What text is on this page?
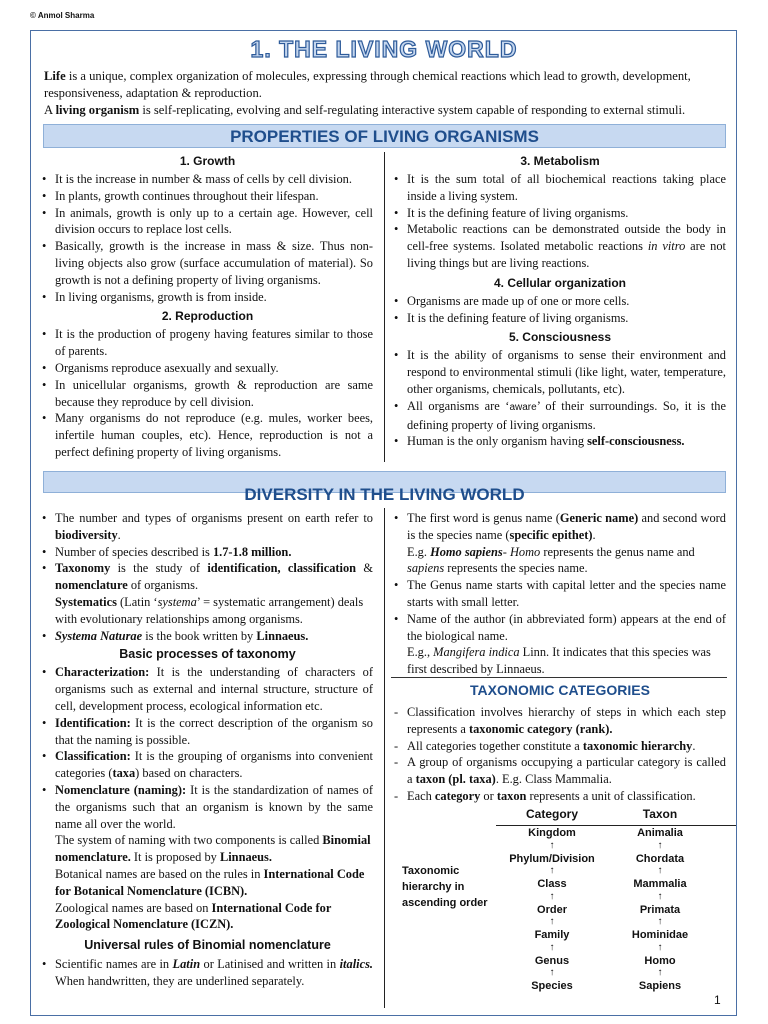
© Anmol Sharma
1. THE LIVING WORLD

Life is a unique, complex organization of molecules, expressing through chemical reactions which lead to growth, development, responsiveness, adaptation & reproduction.

A living organism is self-replicating, evolving and self-regulating interactive system capable of responding to external stimuli.

PROPERTIES OF LIVING ORGANISMS
1. Growth
• It is the increase in number & mass of cells by cell division.
• In plants, growth continues throughout their lifespan.
• In animals, growth is only up to a certain age. However, cell division occurs to replace lost cells.
• Basically, growth is the increase in mass & size. Thus non-living objects also grow (surface accumulation of material). So growth is not a defining property of living organisms.
• In living organisms, growth is from inside.
2. Reproduction
• It is the production of progeny having features similar to those of parents.
• Organisms reproduce asexually and sexually.
• In unicellular organisms, growth & reproduction are same because they reproduce by cell division.
• Many organisms do not reproduce (e.g. mules, worker bees, infertile human couples, etc). Hence, reproduction is not a perfect defining property of living organisms.
3. Metabolism
• It is the sum total of all biochemical reactions taking place inside a living system.
• It is the defining feature of living organisms.
• Metabolic reactions can be demonstrated outside the body in cell-free systems. Isolated metabolic reactions in vitro are not living things but are living reactions.
4. Cellular organization
• Organisms are made up of one or more cells.
• It is the defining feature of living organisms.
5. Consciousness
• It is the ability of organisms to sense their environment and respond to environmental stimuli (like light, water, temperature, other organisms, chemicals, pollutants, etc).
• All organisms are ‘aware’ of their surroundings. So, it is the defining property of living organisms.
• Human is the only organism having self-consciousness.
DIVERSITY IN THE LIVING WORLD
• The number and types of organisms present on earth refer to biodiversity.
• Number of species described is 1.7-1.8 million.
• Taxonomy is the study of identification, classification & nomenclature of organisms.
Systematics (Latin ‘systema’ = systematic arrangement) deals with evolutionary relationships among organisms.
• Systema Naturae is the book written by Linnaeus.
Basic processes of taxonomy
• Characterization: It is the understanding of characters of organisms such as external and internal structure, structure of cell, development process, ecological information etc.
• Identification: It is the correct description of the organism so that the naming is possible.
• Classification: It is the grouping of organisms into convenient categories (taxa) based on characters.
• Nomenclature (naming): It is the standardization of names of the organisms such that an organism is known by the same name all over the world.
The system of naming with two components is called Binomial nomenclature. It is proposed by Linnaeus.
Botanical names are based on the rules in International Code for Botanical Nomenclature (ICBN).
Zoological names are based on International Code for Zoological Nomenclature (ICZN).
Universal rules of Binomial nomenclature
• Scientific names are in Latin or Latinised and written in italics. When handwritten, they are underlined separately.
• The first word is genus name (Generic name) and second word is the species name (specific epithet).
E.g. Homo sapiens- Homo represents the genus name and sapiens represents the species name.
• The Genus name starts with capital letter and the species name starts with small letter.
• Name of the author (in abbreviated form) appears at the end of the biological name.
E.g., Mangifera indica Linn. It indicates that this species was first described by Linnaeus.
TAXONOMIC CATEGORIES
- Classification involves hierarchy of steps in which each step represents a taxonomic category (rank).
- All categories together constitute a taxonomic hierarchy.
- A group of organisms occupying a particular category is called a taxon (pl. taxa). E.g. Class Mammalia.
- Each category or taxon represents a unit of classification.
Category	Taxon
Taxonomic hierarchy in ascending order
Kingdom	Animalia
↑	↑
Phylum/Division	Chordata
↑	↑
Class	Mammalia
↑	↑
Order	Primata
↑	↑
Family	Hominidae
↑	↑
Genus	Homo
↑	↑
Species	Sapiens
1
